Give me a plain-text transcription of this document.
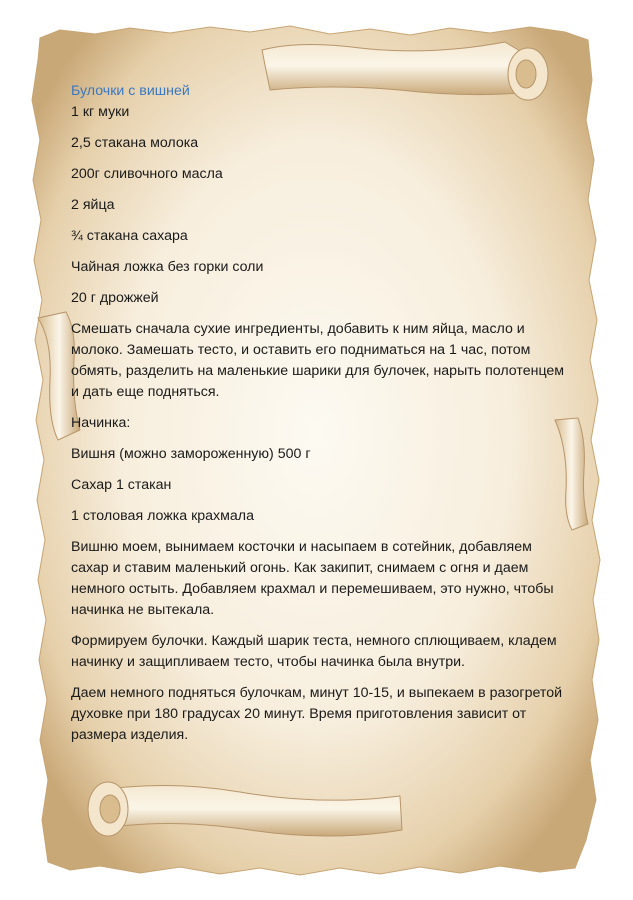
Булочки с вишней

1 кг муки

2,5 стакана молока

200г сливочного масла

2 яйца

¾ стакана сахара

Чайная ложка без горки соли

20 г дрожжей

Смешать сначала сухие ингредиенты, добавить к ним яйца, масло и молоко. Замешать тесто, и оставить его подниматься на 1 час, потом обмять, разделить на маленькие шарики для булочек, нарыть полотенцем и дать еще подняться.

Начинка:

Вишня (можно замороженную) 500 г

Сахар 1 стакан

1 столовая ложка крахмала

Вишню моем, вынимаем косточки и насыпаем в сотейник, добавляем сахар и ставим маленький огонь. Как закипит, снимаем с огня и даем немного остыть. Добавляем крахмал и перемешиваем, это нужно, чтобы начинка не вытекала.

Формируем булочки. Каждый шарик теста, немного сплющиваем, кладем начинку и защипливаем тесто, чтобы начинка была внутри.

Даем немного подняться булочкам, минут 10-15, и выпекаем в разогретой духовке при 180 градусах 20 минут. Время приготовления зависит от размера изделия.
